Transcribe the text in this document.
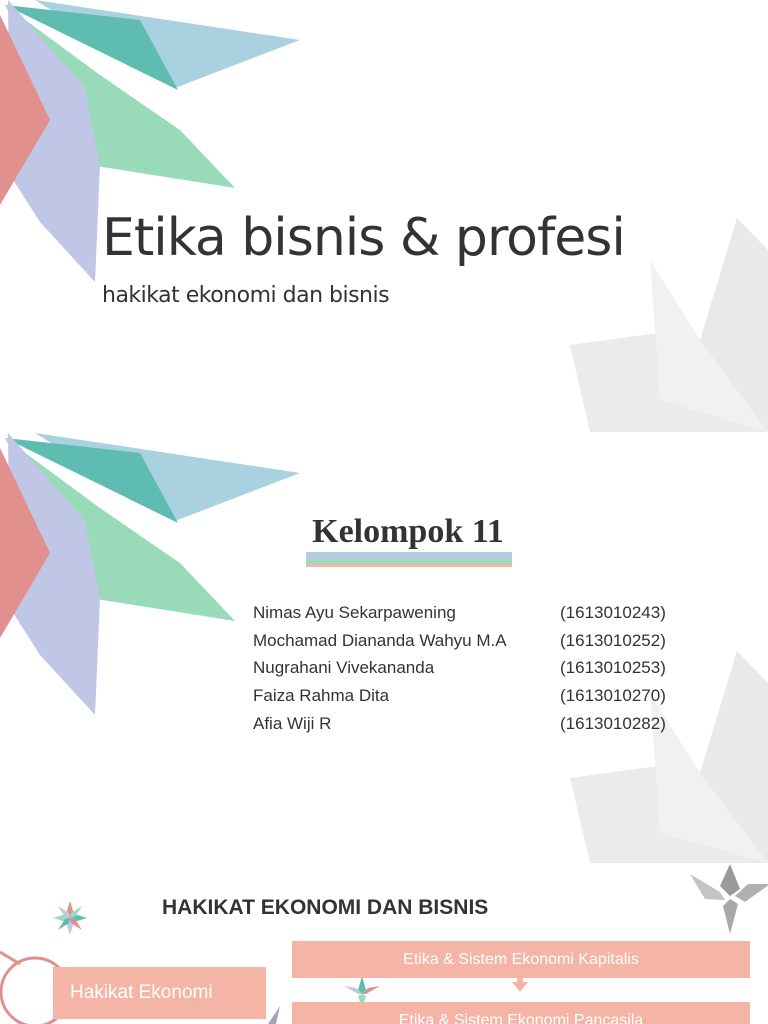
Etika bisnis & profesi
hakikat ekonomi dan bisnis
Kelompok 11
Nimas Ayu Sekarpawening	(1613010243)
Mochamad Diananda Wahyu M.A	(1613010252)
Nugrahani Vivekananda	(1613010253)
Faiza Rahma Dita	(1613010270)
Afia Wiji R	(1613010282)
HAKIKAT EKONOMI DAN BISNIS
Hakikat Ekonomi
Etika & Sistem Ekonomi Kapitalis
Etika & Sistem Ekonomi Pancasila
